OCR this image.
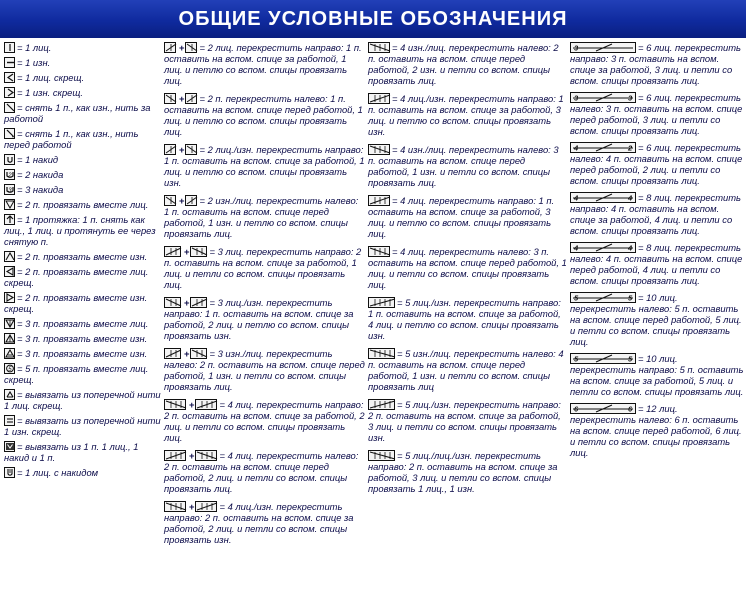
ОБЩИЕ УСЛОВНЫЕ ОБОЗНАЧЕНИЯ
= 1 лиц.
= 1 изн.
= 1 лиц. скрещ.
= 1 изн. скрещ.
= снять 1 п., как изн., нить за работой
= снять 1 п., как изн., нить перед работой
= 1 накид
2 = 2 накида
3 = 3 накида
= 2 п. провязать вместе лиц.
= 1 протяжка: 1 п. снять как лиц., 1 лиц. и протянуть ее через снятую п.
= 2 п. провязать вместе изн.
= 2 п. провязать вместе лиц. скрещ.
= 2 п. провязать вместе изн. скрещ.
= 3 п. провязать вместе лиц.
= 3 п. провязать вместе изн.
= 3 п. провязать вместе изн.
5 = 5 п. провязать вместе лиц. скрещ.
= вывязать из поперечной нити 1 лиц. скрещ.
= вывязать из поперечной нити 1 изн. скрещ.
= вывязать из 1 п. 1 лиц., 1 накид и 1 п.
= 1 лиц. с накидом
+ = 2 лиц. перекрестить направо: 1 п. оставить на вспом. спице за работой, 1 лиц. и петлю со вспом. спицы провязать лиц.
+ = 2 п. перекрестить налево: 1 п. оставить на вспом. спице перед работой, 1 лиц. и петлю со вспом. спицы провязать лиц.
+ = 2 лиц./изн. перекрестить направо: 1 п. оставить на вспом. спице за работой, 1 лиц. и петлю со вспом. спицы провязать изн.
+ = 2 изн./лиц. перекрестить налево: 1 п. оставить на вспом. спице перед работой, 1 изн. и петлю со вспом. спицы провязать лиц.
+ = 3 лиц. перекрестить направо: 2 п. оставить на вспом. спице за работой, 1 лиц. и петли со вспом. спицы провязать лиц.
+ = 3 лиц./изн. перекрестить направо: 1 п. оставить на вспом. спице за работой, 2 лиц. и петлю со вспом. спицы провязать изн.
+ = 3 изн./лиц. перекрестить налево: 2 п. оставить на вспом. спице перед работой, 1 изн. и петли со вспом. спицы провязать лиц.
+	= 4 лиц. перекрестить направо: 2 п. оставить на вспом. спице за работой, 2 лиц. и петли со вспом. спицы провязать лиц.
+	= 4 лиц. перекрестить налево: 2 п. оставить на вспом. спице перед работой, 2 лиц. и петли со вспом. спицы провязать лиц.
+	= 4 лиц./изн. перекрестить направо: 2 п. оставить на вспом. спице за работой, 2 лиц. и петли со вспом. спицы провязать изн.
= 4 изн./лиц. перекрестить налево: 2 п. оставить на вспом. спице перед работой, 2 изн. и петли со вспом. спицы провязать лиц.
= 4 лиц./изн. перекрестить направо: 1 п. оставить на вспом. спице за работой, 3 лиц. и петлю со вспом. спицы провязать изн.
= 4 изн./лиц. перекрестить налево: 3 п. оставить на вспом. спице перед работой, 1 изн. и петли со вспом. спицы провязать лиц.
= 4 лиц. перекрестить направо: 1 п. оставить на вспом. спице за работой, 3 лиц. и петлю со вспом. спицы провязать лиц.
= 4 лиц. перекрестить налево: 3 п. оставить на вспом. спице перед работой, 1 лиц. и петли со вспом. спицы провязать лиц.
= 5 лиц./изн. перекрестить направо: 1 п. оставить на вспом. спице за работой, 4 лиц. и петлю со вспом. спицы провязать изн.
= 5 изн./лиц. перекрестить налево: 4 п. оставить на вспом. спице перед работой, 1 изн. и петли со вспом. спицы провязать лиц
= 5 лиц./изн. перекрестить направо: 2 п. оставить на вспом. спице за работой, 3 лиц. и петли со вспом. спицы провязать изн.
= 5 лиц./лиц./изн. перекрестить направо: 2 п. оставить на вспом. спице за работой, 3 лиц. и петли со вспом. спицы провязать 1 лиц., 1 изн.
3	= 6 лиц. перекрестить направо: 3 п. оставить на вспом. спице за работой, 3 лиц. и петли со вспом. спицы провязать лиц.
3	3 = 6 лиц. перекрестить налево: 3 п. оставить на вспом. спице перед работой, 3 лиц. и петли со вспом. спицы провязать лиц.
4	2 = 6 лиц. перекрестить налево: 4 п. оставить на вспом. спице перед работой, 2 лиц. и петли со вспом. спицы провязать лиц.
4	4 = 8 лиц. перекрестить направо: 4 п. оставить на вспом. спице за работой, 4 лиц. и петли со вспом. спицы провязать лиц.
4	4 = 8 лиц. перекрестить налево: 4 п. оставить на вспом. спице перед работой, 4 лиц. и петли со вспом. спицы провязать лиц.
5	5 = 10 лиц. перекрестить налево: 5 п. оставить на вспом. спице перед работой, 5 лиц. и петли со вспом. спицы провязать лиц.
5	5 = 10 лиц. перекрестить направо: 5 п. оставить на вспом. спице за работой, 5 лиц. и петли со вспом. спицы провязать лиц.
6	6 = 12 лиц. перекрестить налево: 6 п. оставить на вспом. спице перед работой, 6 лиц. и петли со вспом. спицы провязать лиц.
